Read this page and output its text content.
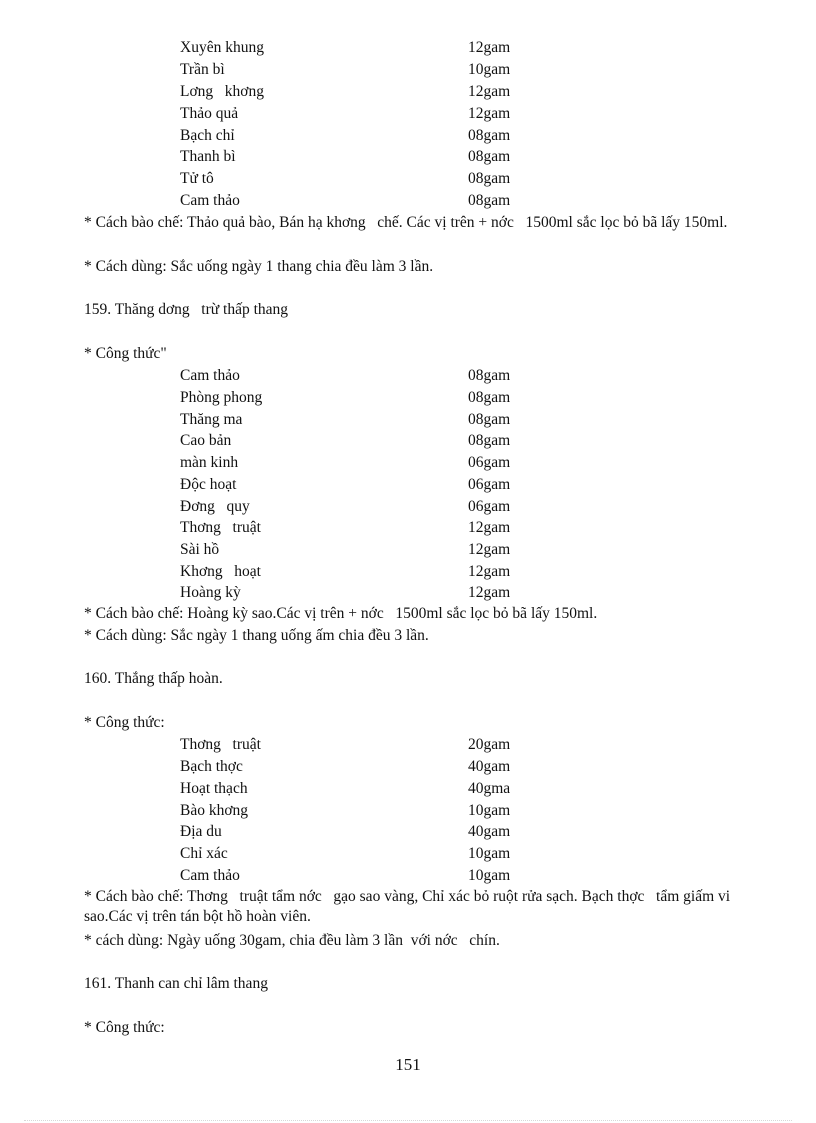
Xuyên khung	12gam
Trần bì	10gam
Lơng   khơng	12gam
Thảo quả	12gam
Bạch chỉ	08gam
Thanh bì	08gam
Tử tô	08gam
Cam thảo	08gam
* Cách bào chế: Thảo quả bào, Bán hạ khơng   chế. Các vị trên + nớc   1500ml sắc lọc bỏ bã lấy 150ml.
* Cách dùng: Sắc uống ngày 1 thang chia đều làm 3 lần.
159. Thăng dơng   trừ thấp thang
* Công thức"
Cam thảo	08gam
Phòng phong	08gam
Thăng ma	08gam
Cao bản	08gam
màn kinh	06gam
Độc hoạt	06gam
Đơng   quy	06gam
Thơng   truật	12gam
Sài hồ	12gam
Khơng   hoạt	12gam
Hoàng kỳ	12gam
* Cách bào chế: Hoàng kỳ sao.Các vị trên + nớc   1500ml sắc lọc bỏ bã lấy 150ml.
* Cách dùng: Sắc ngày 1 thang uống ấm chia đều 3 lần.
160. Thắng thấp hoàn.
* Công thức:
Thơng   truật	20gam
Bạch thợc	40gam
Hoạt thạch	40gma
Bào khơng	10gam
Địa du	40gam
Chỉ xác	10gam
Cam thảo	10gam
* Cách bào chế: Thơng   truật tẩm nớc   gạo sao vàng, Chỉ xác bỏ ruột rửa sạch. Bạch thợc   tẩm giấm vi sao.Các vị trên tán bột hồ hoàn viên.
* cách dùng: Ngày uống 30gam, chia đều làm 3 lần  với nớc   chín.
161. Thanh can chỉ lâm thang
* Công thức:
151
